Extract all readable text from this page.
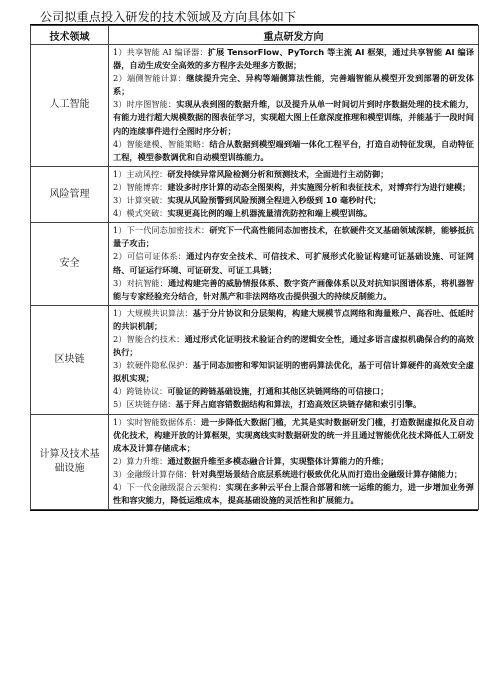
公司拟重点投入研发的技术领域及方向具体如下
技术领域	重点研发方向
人工智能	1）共享智能 AI 编译器：扩展 TensorFlow、PyTorch 等主流 AI 框架，通过共享智能 AI 编译器，自动生成安全高效的多方程序去处理多方数据；

2）端侧智能计算：继续提升完全、异构等端侧算法性能，完善端智能从模型开发到部署的研发体系；

3）时序图智能：实现从表到图的数据升维，以及提升从单一时间切片到时序数据处理的技术能力，有能力进行超大规模数据的图表征学习，实现超大图上任意深度推理和模型训练，并能基于一段时间内的连续事件进行全图时序分析；

4）智能建模、智能策略：结合从数据到模型端到端一体化工程平台，打造自动特征发现，自动特征工程，模型参数调优和自动模型训练能力。

风险管理	1）主动风控：研发持续异常风险检测分析和预测技术，全面进行主动防御；

2）智能博弈：建设多时序计算的动态全图架构，并实施图分析和表征技术，对博弈行为进行建模；

3）计算突破：实现从风险预警到风险预测全程进入秒级到 10 毫秒时代；

4）模式突破：实现更高比例的端上机器流量清洗防控和端上模型训练。

安全	1）下一代同态加密技术：研究下一代高性能同态加密技术，在软硬件交叉基础领域深耕，能够抵抗量子攻击；

2）可信可证体系：通过内存安全技术、可信技术、可扩展形式化验证构建可证基础设施、可证网络、可证运行环境、可证研发、可证工具链；

3）对抗智能：通过构建完善的威胁情报体系、数字资产画像体系以及对抗知识图谱体系，将机器智能与专家经验充分结合，针对黑产和非法网络攻击提供强大的持续反制能力。

区块链	1）大规模共识算法：基于分片协议和分层架构，构建大规模节点网络和海量账户、高吞吐、低延时的共识机制；

2）智能合约技术：通过形式化证明技术验证合约的逻辑安全性，通过多语言虚拟机确保合约的高效执行；

3）软硬件隐私保护：基于同态加密和零知识证明的密码算法优化，基于可信计算硬件的高效安全虚拟机实现；

4）跨链协议：可验证的跨链基础设施，打通和其他区块链网络的可信接口；

5）区块链存储：基于拜占庭容错数据结构和算法，打造高效区块链存储和索引引擎。

计算及技术基础设施	1）实时智能数据体系：进一步降低大数据门槛，尤其是实时数据研发门槛，打造数据虚拟化及自动优化技术，构建开放的计算框架，实现离线实时数据研发的统一并且通过智能优化技术降低人工研发成本及计算存储成本；

2）算力升维：通过数据升维至多模态融合计算，实现整体计算能力的升维；

3）金融级计算存储：针对典型场景结合底层系统进行极致优化从而打造出金融级计算存储能力；

4）下一代金融级混合云架构：实现在多种云平台上混合部署和统一运维的能力，进一步增加业务弹性和容灾能力，降低运维成本，提高基础设施的灵活性和扩展能力。
